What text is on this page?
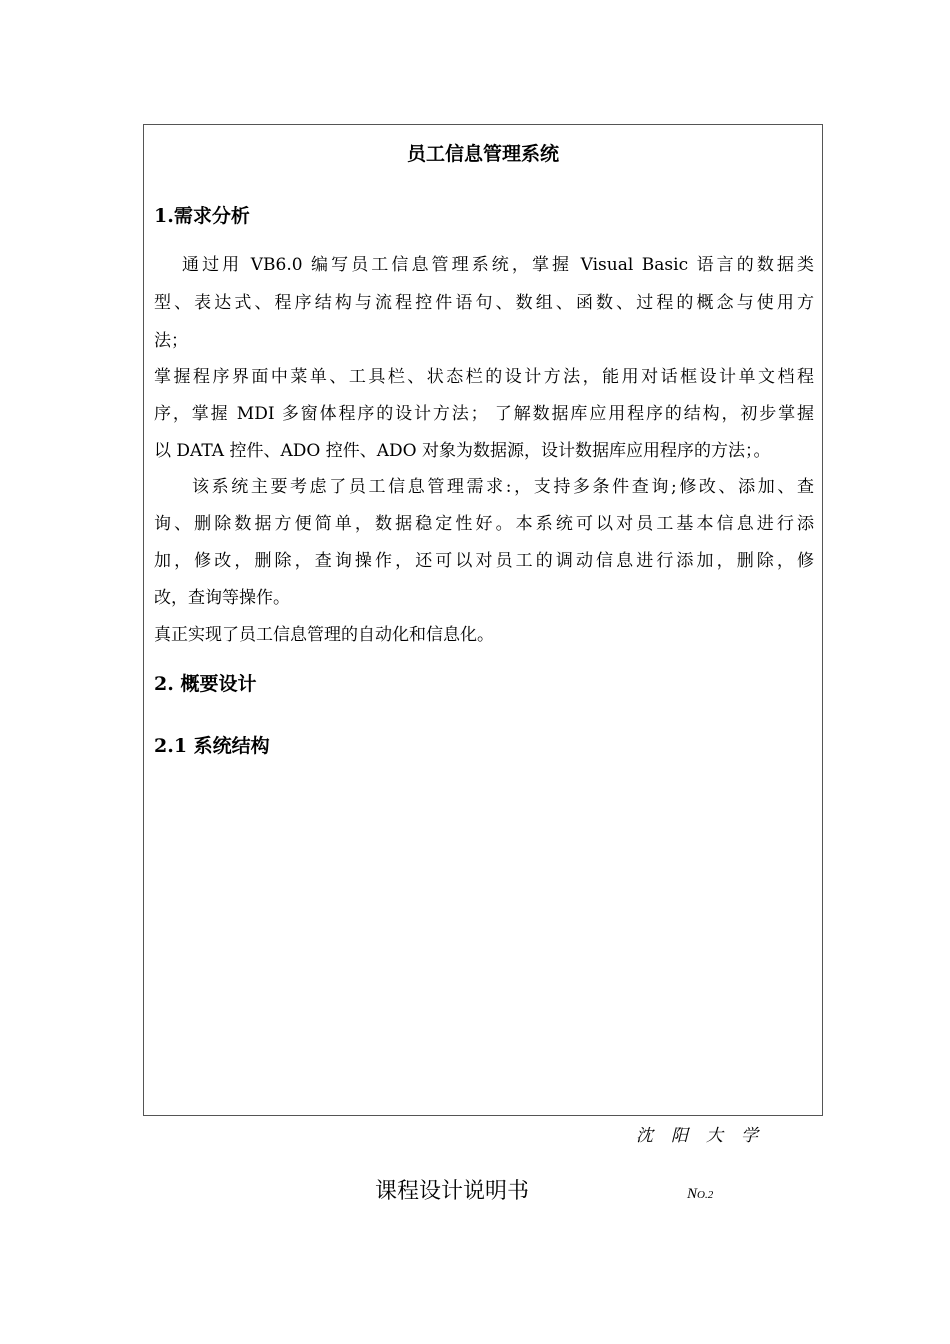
员工信息管理系统
1.需求分析
通过用 VB6.0 编写员工信息管理系统，掌握 Visual Basic 语言的数据类
型、表达式、程序结构与流程控件语句、数组、函数、过程的概念与使用方
法；
掌握程序界面中菜单、工具栏、状态栏的设计方法，能用对话框设计单文档程
序，掌握 MDI 多窗体程序的设计方法； 了解数据库应用程序的结构，初步掌握
以 DATA 控件、ADO 控件、ADO 对象为数据源，设计数据库应用程序的方法；。
该系统主要考虑了员工信息管理需求:，支持多条件查询;修改、添加、查
询、删除数据方便简单，数据稳定性好。本系统可以对员工基本信息进行添
加，修改，删除，查询操作，还可以对员工的调动信息进行添加，删除，修
改，查询等操作。
真正实现了员工信息管理的自动化和信息化。
2. 概要设计
2.1 系统结构
沈阳大学
课程设计说明书	NO.2
